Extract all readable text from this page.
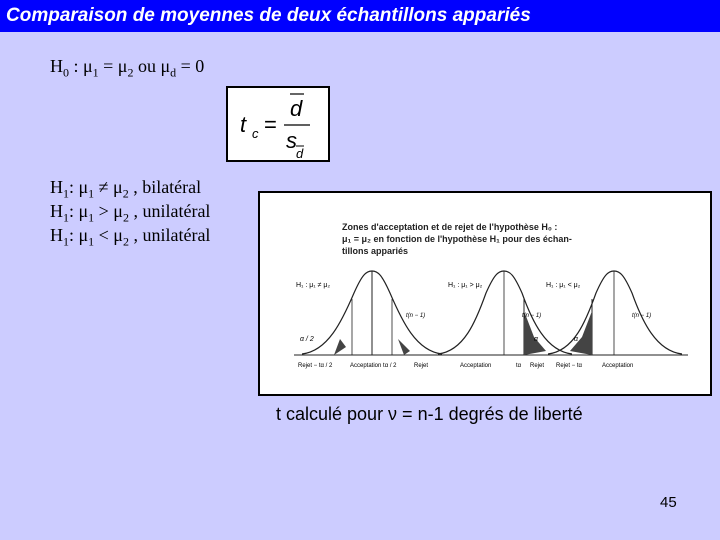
Comparaison de moyennes de deux échantillons appariés
$H_0$ : $\mu_1 = \mu_2$ ou $\mu_d = 0$
t c =
d
s
d
$H_1$: $\mu_1 \ne \mu_2$ , bilatéral
$H_1$: $\mu_1 > \mu_2$ , unilatéral
$H_1$: $\mu_1 < \mu_2$ , unilatéral	Zones d'acceptation et de rejet de l'hypothèse H₀ :
μ₁ = μ₂ en fonction de l'hypothèse H₁ pour des échan-
tillons appariés
H₁ : μ₁ ≠ μ₂
t(n − 1)
α / 2
Rejet − tα / 2	Acceptation tα / 2	Rejet
H₁ : μ₁ > μ₂
t(n − 1)
α
Acceptation	tα Rejet
H₁ : μ₁ < μ₂
t(n − 1)
α
Rejet − tα	Acceptation
t calculé pour ν = n-1 degrés de liberté
45
